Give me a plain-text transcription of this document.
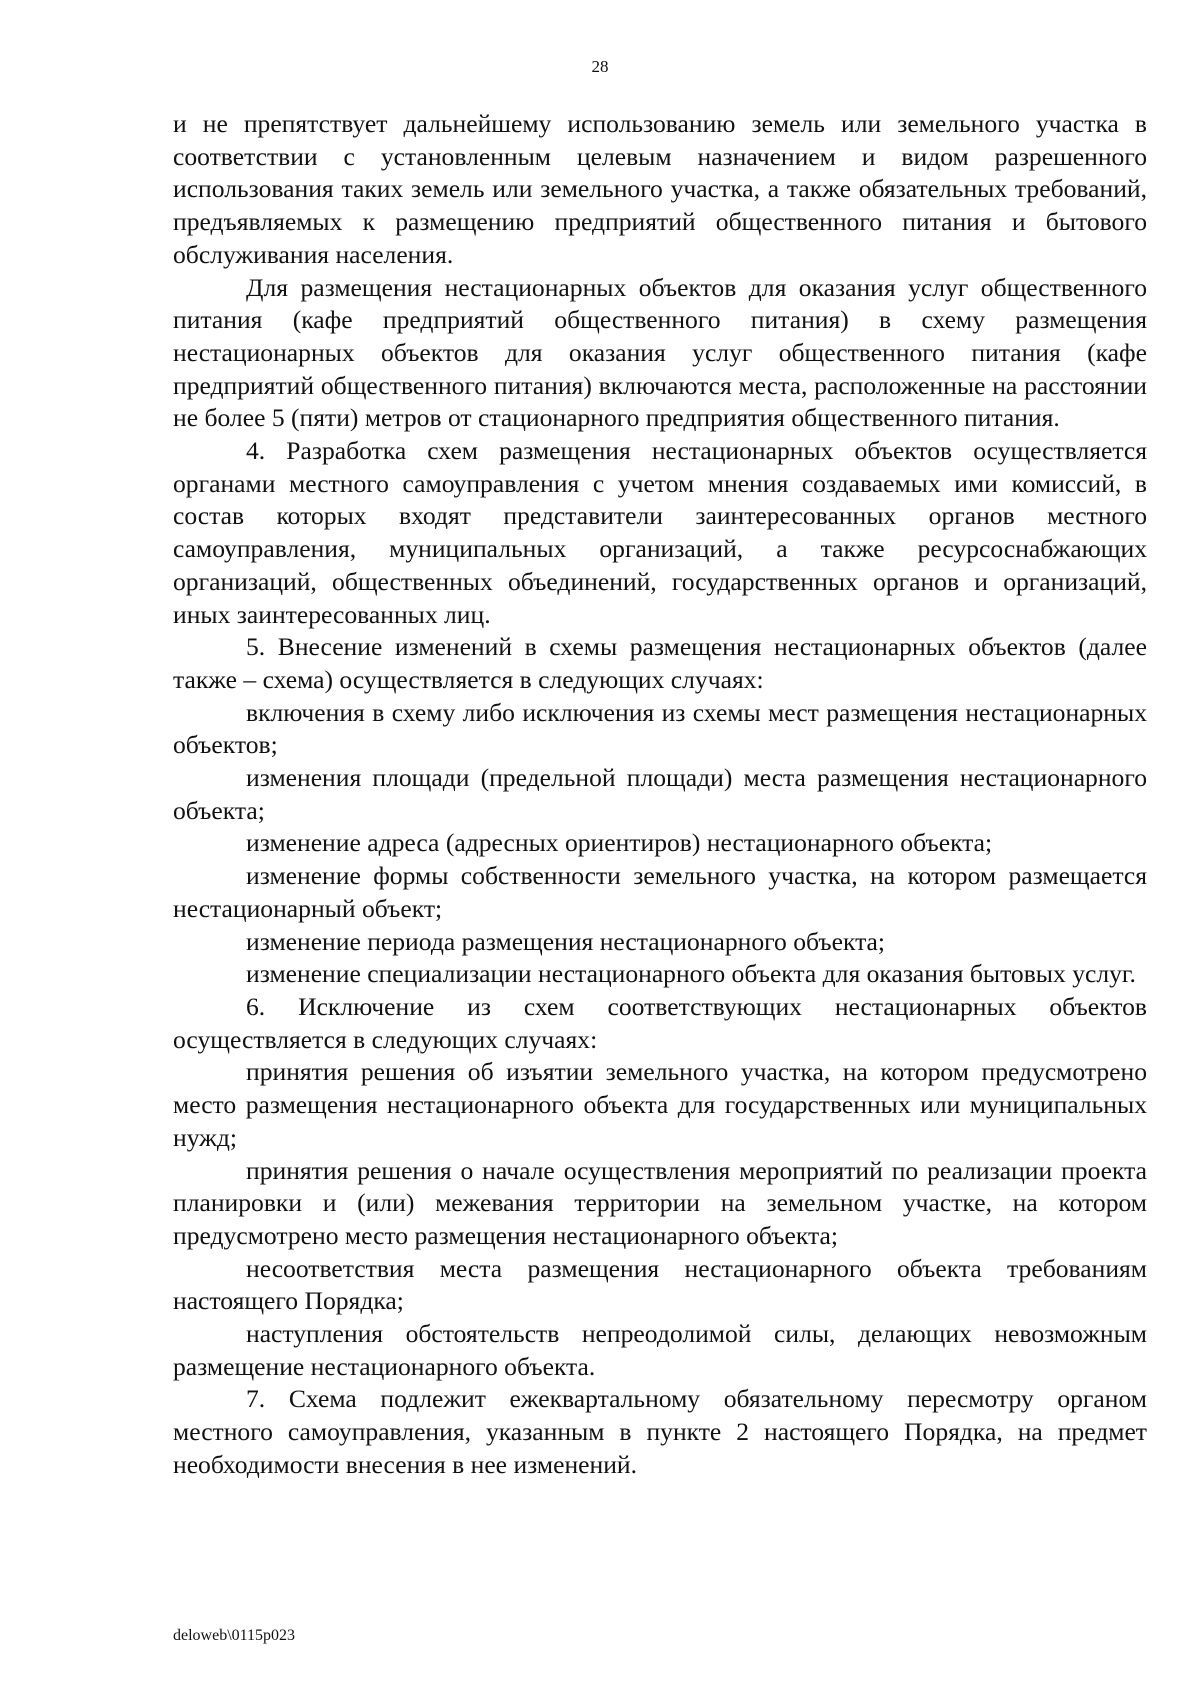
28

и не препятствует дальнейшему использованию земель или земельного участка в соответствии с установленным целевым назначением и видом разрешенного использования таких земель или земельного участка, а также обязательных требований, предъявляемых к размещению предприятий общественного питания и бытового обслуживания населения.

Для размещения нестационарных объектов для оказания услуг общественного питания (кафе предприятий общественного питания) в схему размещения нестационарных объектов для оказания услуг общественного питания (кафе предприятий общественного питания) включаются места, расположенные на расстоянии не более 5 (пяти) метров от стационарного предприятия общественного питания.

4. Разработка схем размещения нестационарных объектов осуществляется органами местного самоуправления с учетом мнения создаваемых ими комиссий, в состав которых входят представители заинтересованных органов местного самоуправления, муниципальных организаций, а также ресурсоснабжающих организаций, общественных объединений, государственных органов и организаций, иных заинтересованных лиц.

5. Внесение изменений в схемы размещения нестационарных объектов (далее также – схема) осуществляется в следующих случаях:

включения в схему либо исключения из схемы мест размещения нестационарных объектов;

изменения площади (предельной площади) места размещения нестационарного объекта;

изменение адреса (адресных ориентиров) нестационарного объекта;

изменение формы собственности земельного участка, на котором размещается нестационарный объект;

изменение периода размещения нестационарного объекта;

изменение специализации нестационарного объекта для оказания бытовых услуг.

6. Исключение из схем соответствующих нестационарных объектов осуществляется в следующих случаях:

принятия решения об изъятии земельного участка, на котором предусмотрено место размещения нестационарного объекта для государственных или муниципальных нужд;

принятия решения о начале осуществления мероприятий по реализации проекта планировки и (или) межевания территории на земельном участке, на котором предусмотрено место размещения нестационарного объекта;

несоответствия места размещения нестационарного объекта требованиям настоящего Порядка;

наступления обстоятельств непреодолимой силы, делающих невозможным размещение нестационарного объекта.

7. Схема подлежит ежеквартальному обязательному пересмотру органом местного самоуправления, указанным в пункте 2 настоящего Порядка, на предмет необходимости внесения в нее изменений.

deloweb\0115p023
